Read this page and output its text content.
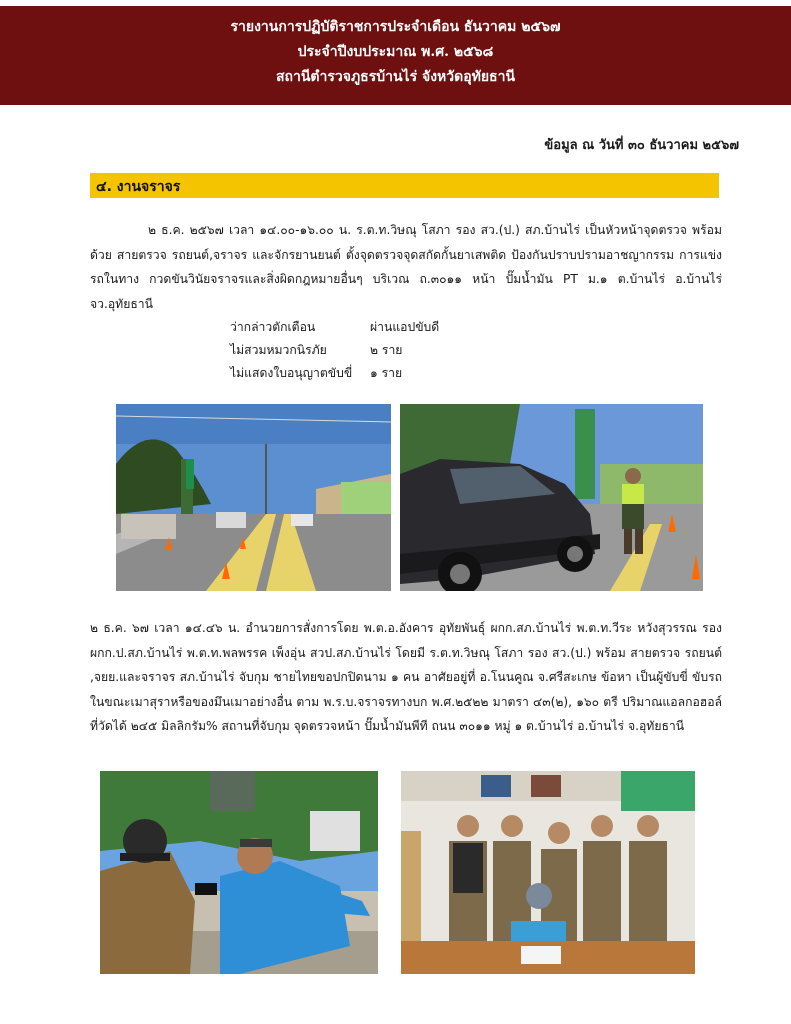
รายงานการปฏิบัติราชการประจำเดือน ธันวาคม ๒๕๖๗
ประจำปีงบประมาณ พ.ศ. ๒๕๖๘
สถานีตำรวจภูธรบ้านไร่ จังหวัดอุทัยธานี
ข้อมูล ณ วันที่ ๓๐ ธันวาคม ๒๕๖๗
๔. งานจราจร
๒ ธ.ค. ๒๕๖๗ เวลา ๑๔.๐๐-๑๖.๐๐ น. ร.ต.ท.วิษณุ โสภา รอง สว.(ป.) สภ.บ้านไร่ เป็นหัวหน้าจุดตรวจ พร้อมด้วย สายตรวจ รถยนต์,จราจร และจักรยานยนต์ ตั้งจุดตรวจจุดสกัดกั้นยาเสพติด ป้องกันปราบปรามอาชญากรรม การแข่งรถในทาง กวดขันวินัยจราจรและสิ่งผิดกฎหมายอื่นๆ บริเวณ ถ.๓๐๑๑ หน้า ปั๊มน้ำมัน PT ม.๑ ต.บ้านไร่ อ.บ้านไร่ จว.อุทัยธานี
ว่ากล่าวตักเตือน	ผ่านแอปขับดี
ไม่สวมหมวกนิรภัย	๒ ราย
ไม่แสดงใบอนุญาตขับขี่	๑ ราย
๒ ธ.ค. ๖๗ เวลา ๑๔.๔๖ น. อำนวยการสั่งการโดย พ.ต.อ.อังคาร อุทัยพันธุ์ ผกก.สภ.บ้านไร่ พ.ต.ท.วีระ หวังสุวรรณ รอง ผกก.ป.สภ.บ้านไร่ พ.ต.ท.พลพรรค เพ็งอุ่น สวป.สภ.บ้านไร่ โดยมี ร.ต.ท.วิษณุ โสภา รอง สว.(ป.) พร้อม สายตรวจ รถยนต์ ,จยย.และจราจร สภ.บ้านไร่ จับกุม ชายไทยขอปกปิดนาม ๑ คน อาศัยอยู่ที่ อ.โนนคูณ จ.ศรีสะเกษ ข้อหา เป็นผู้ขับขี่ ขับรถในขณะเมาสุราหรือของมึนเมาอย่างอื่น ตาม พ.ร.บ.จราจรทางบก พ.ศ.๒๕๒๒ มาตรา ๔๓(๒), ๑๖๐ ตรี ปริมาณแอลกอฮอล์ ที่วัดได้ ๒๔๕ มิลลิกรัม% สถานที่จับกุม จุดตรวจหน้า ปั๊มน้ำมันพีที ถนน ๓๐๑๑ หมู่ ๑ ต.บ้านไร่ อ.บ้านไร่ จ.อุทัยธานี
